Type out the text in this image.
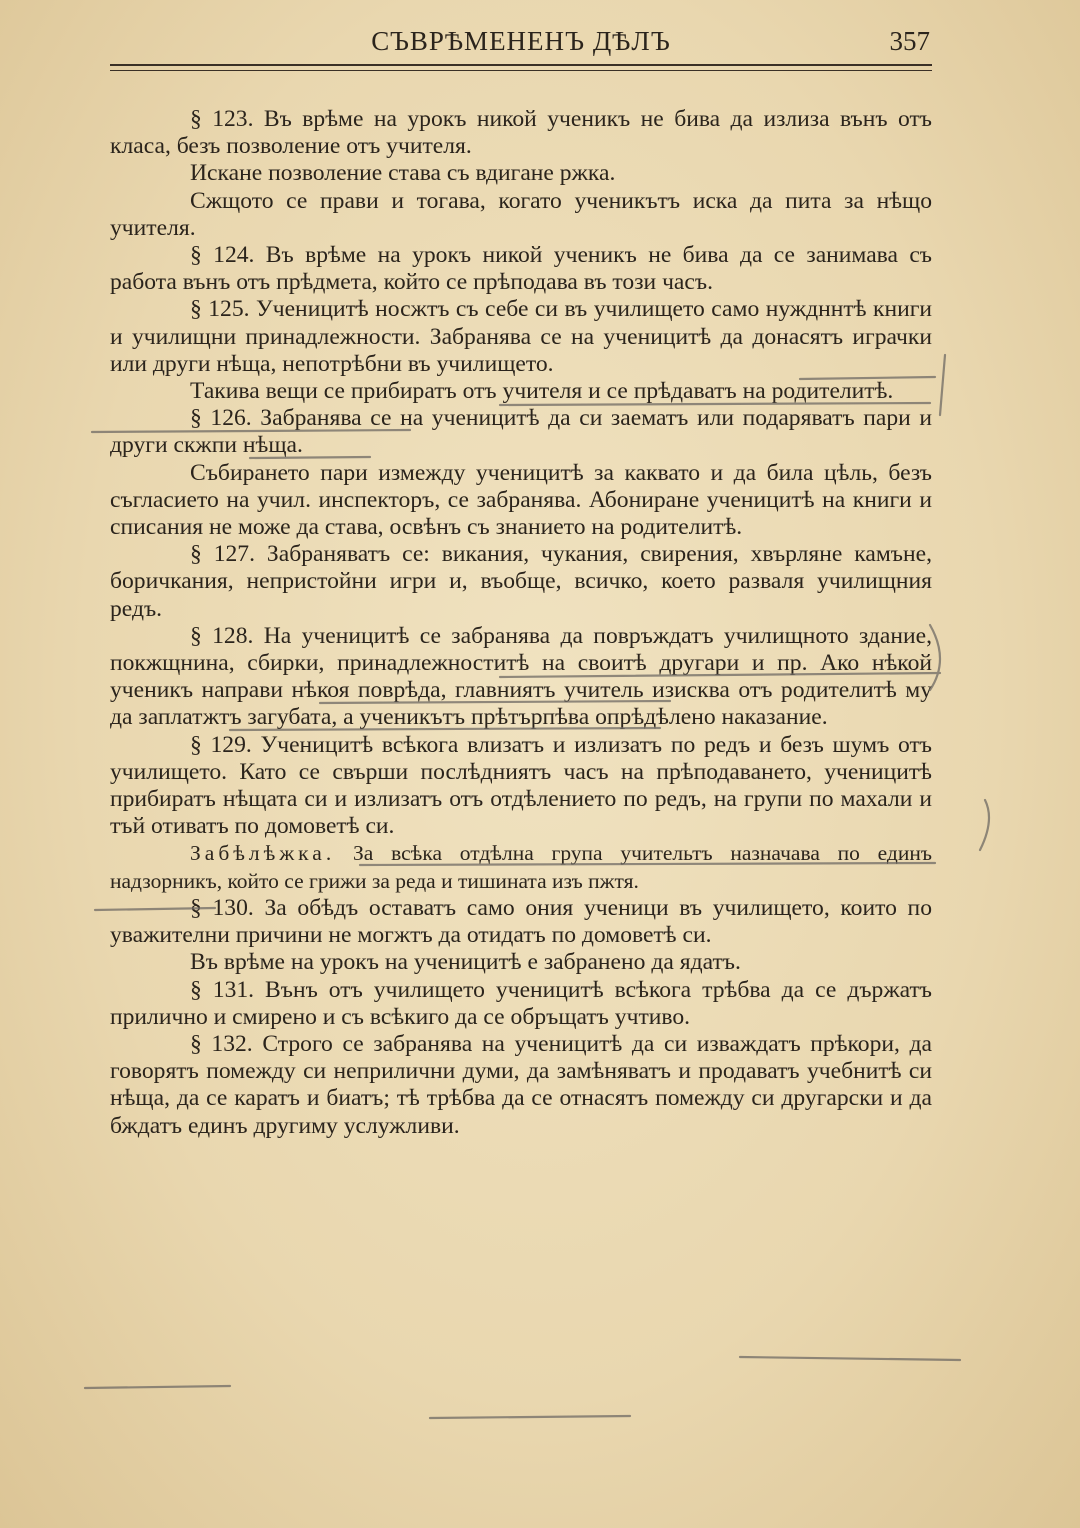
СЪВРѢМЕНЕНЪ ДѢЛЪ	357

§ 123. Въ врѣме на урокъ никой ученикъ не бива да излиза вънъ отъ класа, безъ позволение отъ учителя.

Искане позволение става съ вдигане ржка.

Сжщото се прави и тогава, когато ученикътъ иска да пита за нѣщо учителя.

§ 124. Въ врѣме на урокъ никой ученикъ не бива да се занимава съ работа вънъ отъ прѣдмета, който се прѣподава въ този часъ.

§ 125. Ученицитѣ носжтъ съ себе си въ училището само нуждннтѣ книги и училищни принадлежности. Забранява се на ученицитѣ да донасятъ играчки или други нѣща, непотрѣбни въ училището.

Такива вещи се прибиратъ отъ учителя и се прѣдаватъ на родителитѣ.

§ 126. Забранява се на ученицитѣ да си заематъ или подаряватъ пари и други скжпи нѣща.

Събирането пари измежду ученицитѣ за каквато и да била цѣль, безъ съгласието на учил. инспекторъ, се забранява. Абониране ученицитѣ на книги и списания не може да става, освѣнъ съ знанието на родителитѣ.

§ 127. Забраняватъ се: викания, чукания, свирения, хвърляне камъне, боричкания, непристойни игри и, въобще, всичко, което разваля училищния редъ.

§ 128. На ученицитѣ се забранява да повръждатъ училищното здание, покжщнина, сбирки, принадлежноститѣ на своитѣ другари и пр. Ако нѣкой ученикъ направи нѣкоя поврѣда, главниятъ учитель изисква отъ родителитѣ му да заплатжтъ загубата, а ученикътъ прѣтърпѣва опрѣдѣлено наказание.

§ 129. Ученицитѣ всѣкога влизатъ и излизатъ по редъ и безъ шумъ отъ училището. Като се свърши послѣдниятъ часъ на прѣподаването, ученицитѣ прибиратъ нѣщата си и излизатъ отъ отдѣлението по редъ, на групи по махали и тъй отиватъ по домоветѣ си.

Забѣлѣжка. За всѣка отдѣлна група учительтъ назначава по единъ надзорникъ, който се грижи за реда и тишината изъ пжтя.

§ 130. За обѣдъ оставатъ само ония ученици въ училището, които по уважителни причини не могжтъ да отидатъ по домоветѣ си.

Въ врѣме на урокъ на ученицитѣ е забранено да ядатъ.

§ 131. Вънъ отъ училището ученицитѣ всѣкога трѣбва да се държатъ прилично и смирено и съ всѣкиго да се обръщатъ учтиво.

§ 132. Строго се забранява на ученицитѣ да си изваждатъ прѣкори, да говорятъ помежду си неприлични думи, да замѣняватъ и продаватъ учебнитѣ си нѣща, да се каратъ и биатъ; тѣ трѣбва да се отнасятъ помежду си другарски и да бждатъ единъ другиму услужливи.
